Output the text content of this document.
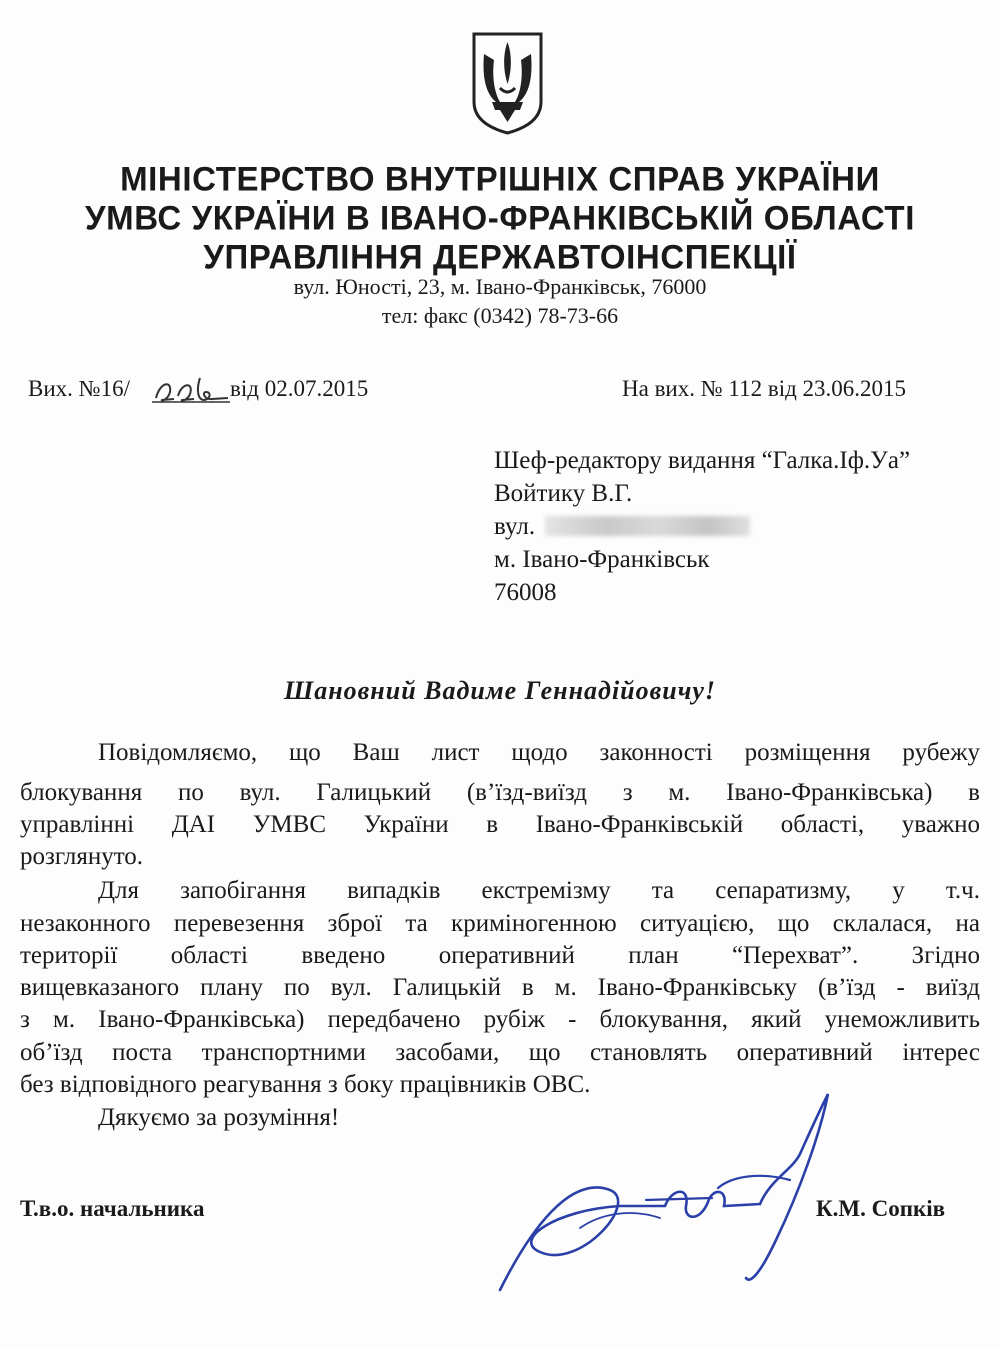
МІНІСТЕРСТВО ВНУТРІШНІХ СПРАВ УКРАЇНИ
УМВС УКРАЇНИ В ІВАНО-ФРАНКІВСЬКІЙ ОБЛАСТІ
УПРАВЛІННЯ ДЕРЖАВТОІНСПЕКЦІЇ
вул. Юності, 23, м. Івано-Франківськ, 76000
тел: факс (0342) 78-73-66
Вих. №16/	від 02.07.2015	На вих. № 112 від 23.06.2015
Шеф-редактору видання “Галка.Іф.Уа”
Войтику В.Г.
вул.
м. Івано-Франківськ
76008
Шановний Вадиме Геннадійовичу!
Повідомляємо, що Ваш лист щодо законності розміщення рубежу
блокування по вул. Галицький (в’їзд-виїзд з м. Івано-Франківська) в
управлінні ДАІ УМВС України в Івано-Франківській області, уважно
розглянуто.
Для запобігання випадків екстремізму та сепаратизму, у т.ч.
незаконного перевезення зброї та криміногенною ситуацією, що склалася, на
території області введено оперативний план “Перехват”. Згідно
вищевказаного плану по вул. Галицькій в м. Івано-Франківську (в’їзд - виїзд
з м. Івано-Франківська) передбачено рубіж - блокування, який унеможливить
об’їзд поста транспортними засобами, що становлять оперативний інтерес
без відповідного реагування з боку працівників ОВС.
Дякуємо за розуміння!
Т.в.о. начальника	К.М. Сопків
